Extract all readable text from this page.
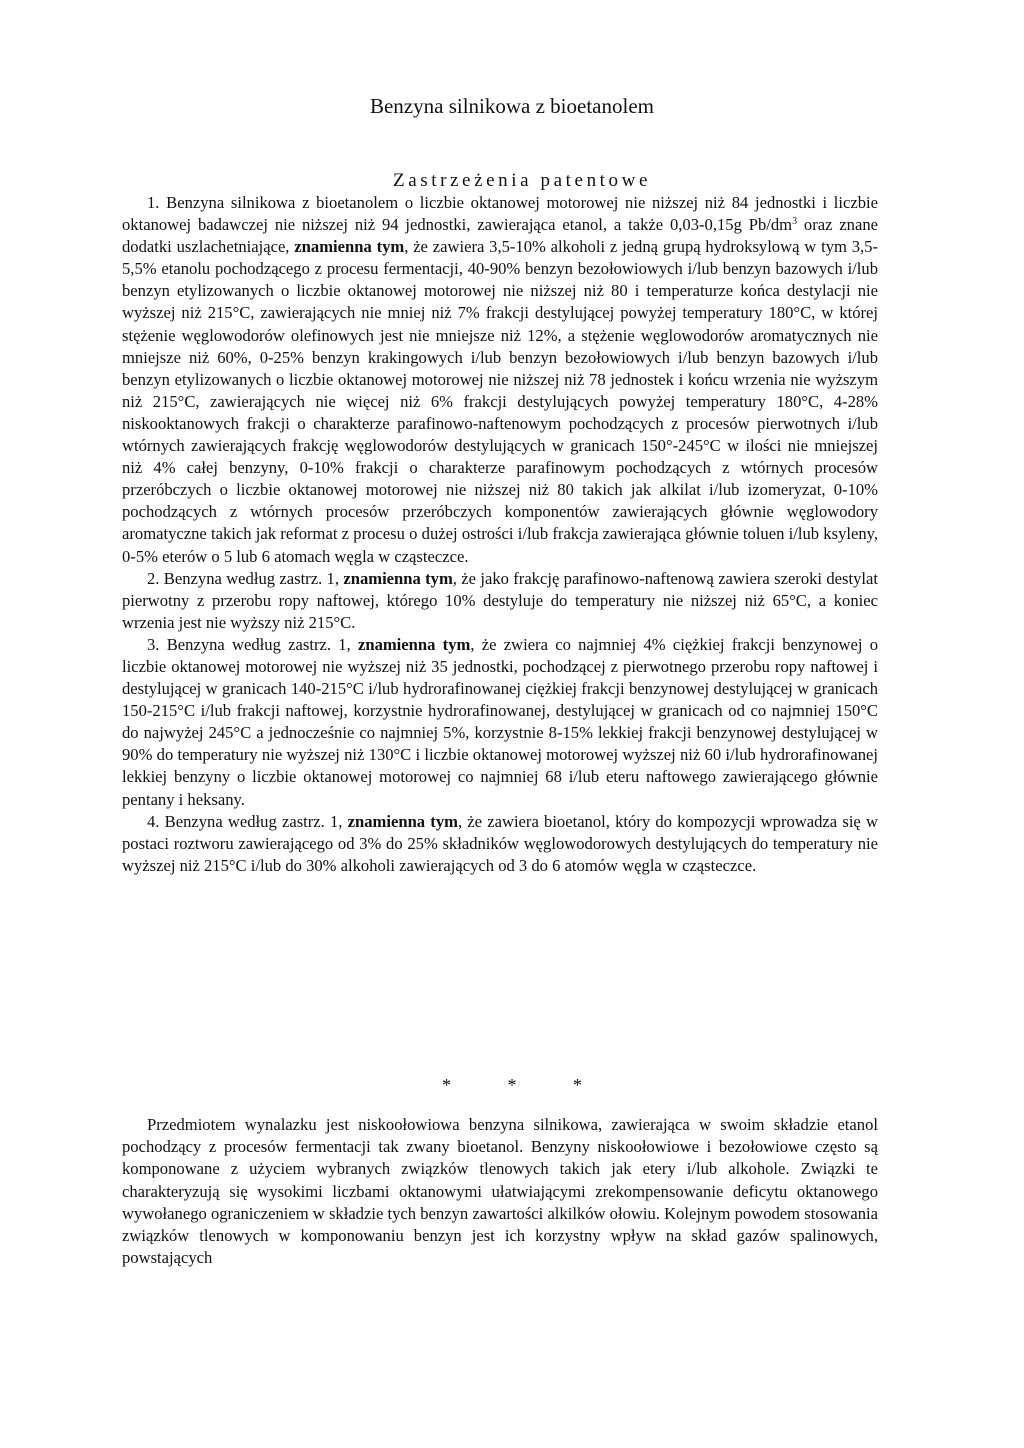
Benzyna silnikowa z bioetanolem
Zastrzeżenia patentowe

1. Benzyna silnikowa z bioetanolem o liczbie oktanowej motorowej nie niższej niż 84 jednostki i liczbie oktanowej badawczej nie niższej niż 94 jednostki, zawierająca etanol, a także 0,03-0,15g $Pb/dm^3$ oraz znane dodatki uszlachetniające, znamienna tym, że zawiera 3,5-10% alkoholi z jedną grupą hydroksylową w tym 3,5-5,5% etanolu pochodzącego z procesu fermentacji, 40-90% benzyn bezołowiowych i/lub benzyn bazowych i/lub benzyn etylizowanych o liczbie oktanowej motorowej nie niższej niż 80 i temperaturze końca destylacji nie wyższej niż 215°C, zawierających nie mniej niż 7% frakcji destylującej powyżej temperatury 180°C, w której stężenie węglowodorów olefinowych jest nie mniejsze niż 12%, a stężenie węglowodorów aromatycznych nie mniejsze niż 60%, 0-25% benzyn krakingowych i/lub benzyn bezołowiowych i/lub benzyn bazowych i/lub benzyn etylizowanych o liczbie oktanowej motorowej nie niższej niż 78 jednostek i końcu wrzenia nie wyższym niż 215°C, zawierających nie więcej niż 6% frakcji destylujących powyżej temperatury 180°C, 4-28% niskooktanowych frakcji o charakterze parafinowo-naftenowym pochodzących z procesów pierwotnych i/lub wtórnych zawierających frakcję węglowodorów destylujących w granicach 150°-245°C w ilości nie mniejszej niż 4% całej benzyny, 0-10% frakcji o charakterze parafinowym pochodzących z wtórnych procesów przeróbczych o liczbie oktanowej motorowej nie niższej niż 80 takich jak alkilat i/lub izomeryzat, 0-10% pochodzących z wtórnych procesów przeróbczych komponentów zawierających głównie węglowodory aromatyczne takich jak reformat z procesu o dużej ostrości i/lub frakcja zawierająca głównie toluen i/lub ksyleny, 0-5% eterów o 5 lub 6 atomach węgla w cząsteczce.

2. Benzyna według zastrz. 1, znamienna tym, że jako frakcję parafinowo-naftenową zawiera szeroki destylat pierwotny z przerobu ropy naftowej, którego 10% destyluje do temperatury nie niższej niż 65°C, a koniec wrzenia jest nie wyższy niż 215°C.

3. Benzyna według zastrz. 1, znamienna tym, że zwiera co najmniej 4% ciężkiej frakcji benzynowej o liczbie oktanowej motorowej nie wyższej niż 35 jednostki, pochodzącej z pierwotnego przerobu ropy naftowej i destylującej w granicach 140-215°C i/lub hydrorafinowanej ciężkiej frakcji benzynowej destylującej w granicach 150-215°C i/lub frakcji naftowej, korzystnie hydrorafinowanej, destylującej w granicach od co najmniej 150°C do najwyżej 245°C a jednocześnie co najmniej 5%, korzystnie 8-15% lekkiej frakcji benzynowej destylującej w 90% do temperatury nie wyższej niż 130°C i liczbie oktanowej motorowej wyższej niż 60 i/lub hydrorafinowanej lekkiej benzyny o liczbie oktanowej motorowej co najmniej 68 i/lub eteru naftowego zawierającego głównie pentany i heksany.

4. Benzyna według zastrz. 1, znamienna tym, że zawiera bioetanol, który do kompozycji wprowadza się w postaci roztworu zawierającego od 3% do 25% składników węglowodorowych destylujących do temperatury nie wyższej niż 215°C i/lub do 30% alkoholi zawierających od 3 do 6 atomów węgla w cząsteczce.

* * *

Przedmiotem wynalazku jest niskoołowiowa benzyna silnikowa, zawierająca w swoim składzie etanol pochodzący z procesów fermentacji tak zwany bioetanol. Benzyny niskoołowiowe i bezołowiowe często są komponowane z użyciem wybranych związków tlenowych takich jak etery i/lub alkohole. Związki te charakteryzują się wysokimi liczbami oktanowymi ułatwiającymi zrekompensowanie deficytu oktanowego wywołanego ograniczeniem w składzie tych benzyn zawartości alkilków ołowiu. Kolejnym powodem stosowania związków tlenowych w komponowaniu benzyn jest ich korzystny wpływ na skład gazów spalinowych, powstających
